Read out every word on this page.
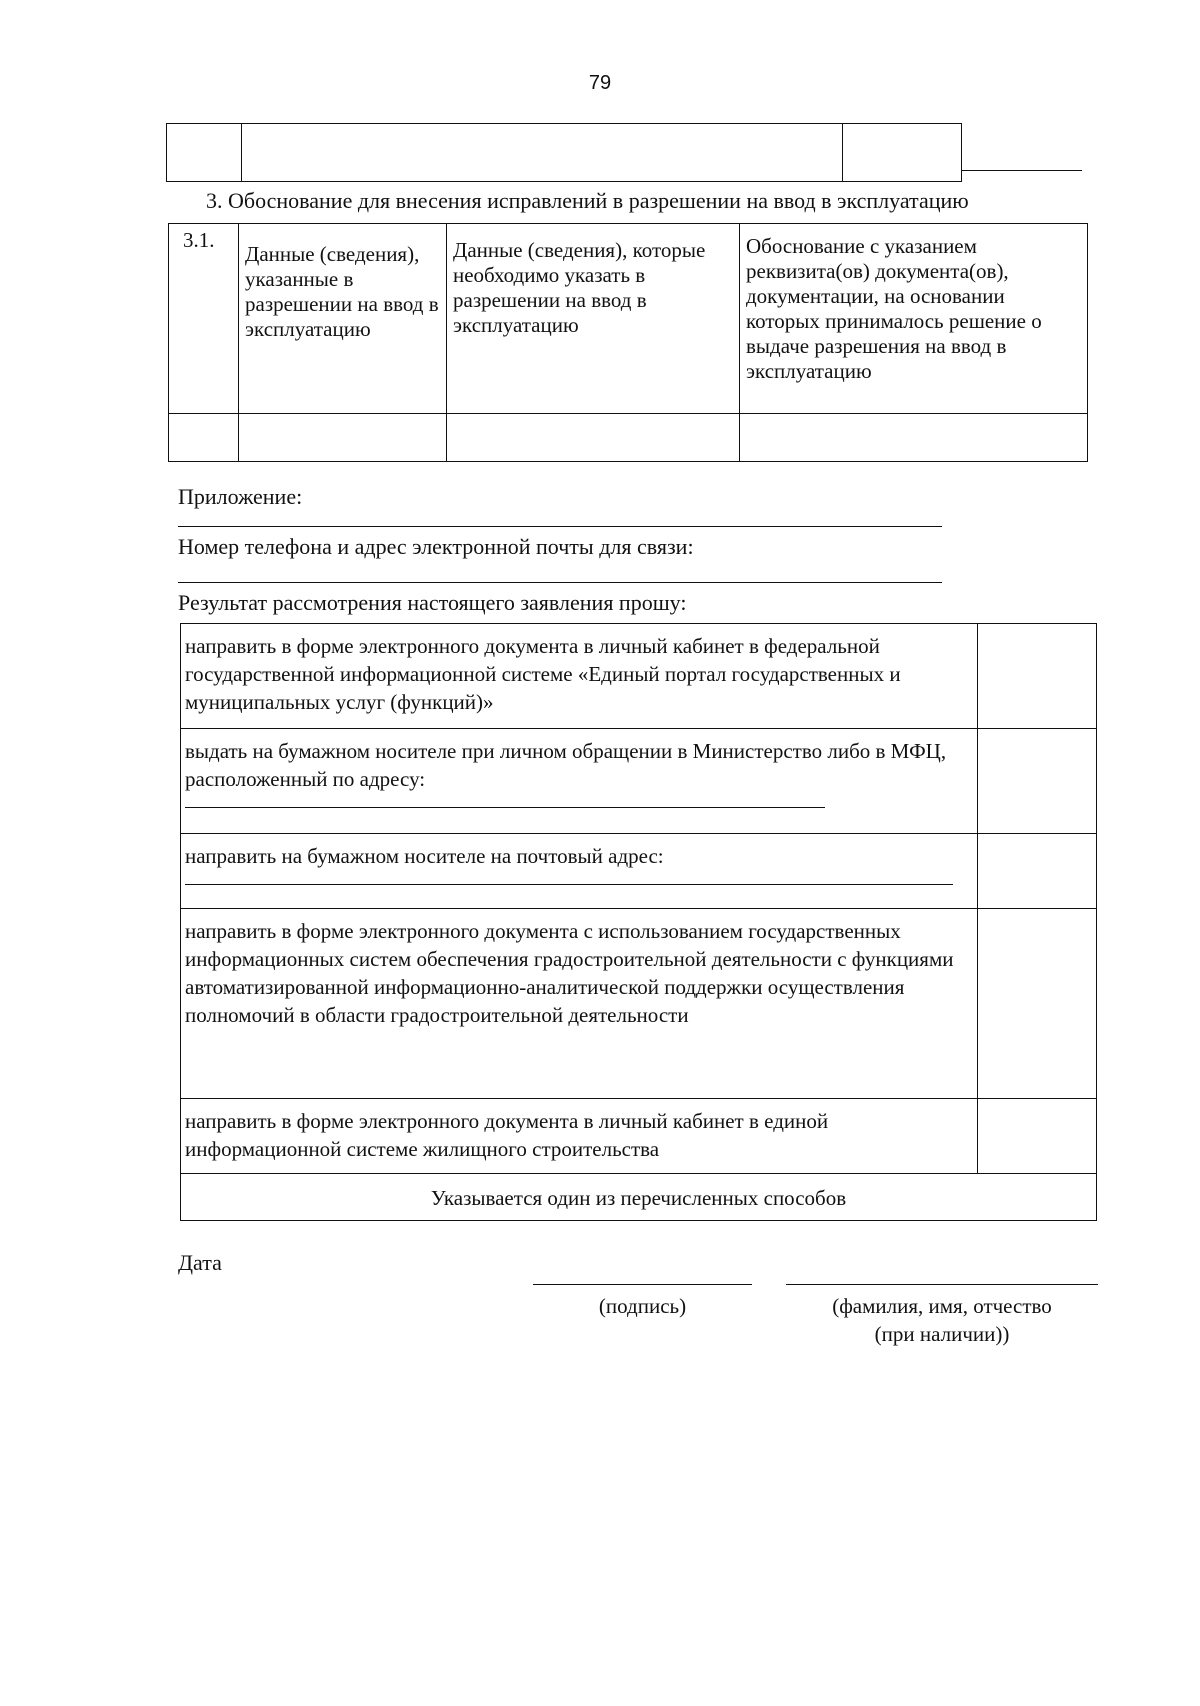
79

3. Обоснование для внесения исправлений в разрешении на ввод в эксплуатацию
3.1.	Данные (сведения), указанные в разрешении на ввод в эксплуатацию	Данные (сведения), которые необходимо указать в разрешении на ввод в эксплуатацию	Обоснование с указанием реквизита(ов) документа(ов), документации, на основании которых принималось решение о выдаче разрешения на ввод в эксплуатацию

Приложение:
Номер телефона и адрес электронной почты для связи:
Результат рассмотрения настоящего заявления прошу:
направить в форме электронного документа в личный кабинет в федеральной государственной информационной системе «Единый портал государственных и муниципальных услуг (функций)»	

выдать на бумажном носителе при личном обращении в Министерство либо в МФЦ, расположенный по адресу:	

направить на бумажном носителе на почтовый адрес:	

направить в форме электронного документа с использованием государственных информационных систем обеспечения градостроительной деятельности с функциями автоматизированной информационно-аналитической поддержки осуществления полномочий в области градостроительной деятельности	
направить в форме электронного документа в личный кабинет в единой информационной системе жилищного строительства	
Указывается один из перечисленных способов	
Дата
(подпись)	(фамилия, имя, отчество
(при наличии))
